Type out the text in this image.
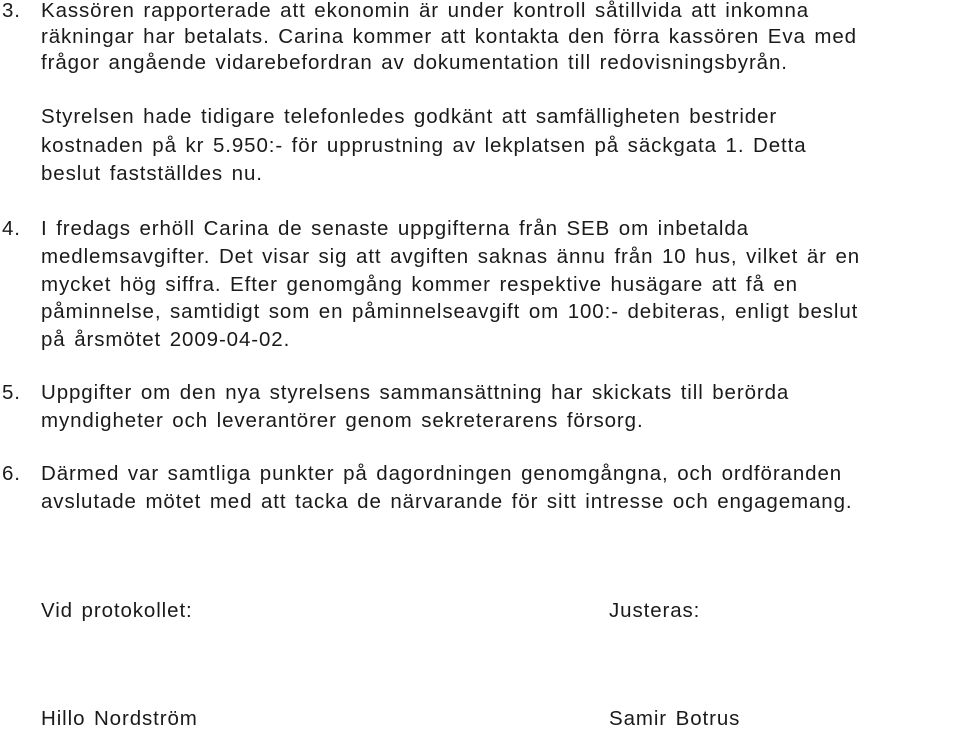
3. Kassören rapporterade att ekonomin är under kontroll såtillvida att inkomna
räkningar har betalats. Carina kommer att kontakta den förra kassören Eva med
frågor angående vidarebefordran av dokumentation till redovisningsbyrån.
Styrelsen hade tidigare telefonledes godkänt att samfälligheten bestrider
kostnaden på kr 5.950:- för upprustning av lekplatsen på säckgata 1. Detta
beslut fastställdes nu.
4. I fredags erhöll Carina de senaste uppgifterna från SEB om inbetalda
medlemsavgifter. Det visar sig att avgiften saknas ännu från 10 hus, vilket är en
mycket hög siffra. Efter genomgång kommer respektive husägare att få en
påminnelse, samtidigt som en påminnelseavgift om 100:- debiteras, enligt beslut
på årsmötet 2009-04-02.
5. Uppgifter om den nya styrelsens sammansättning har skickats till berörda
myndigheter och leverantörer genom sekreterarens försorg.
6. Därmed var samtliga punkter på dagordningen genomgångna, och ordföranden
avslutade mötet med att tacka de närvarande för sitt intresse och engagemang.
Vid protokollet:	Justeras:
Hillo Nordström	Samir Botrus
